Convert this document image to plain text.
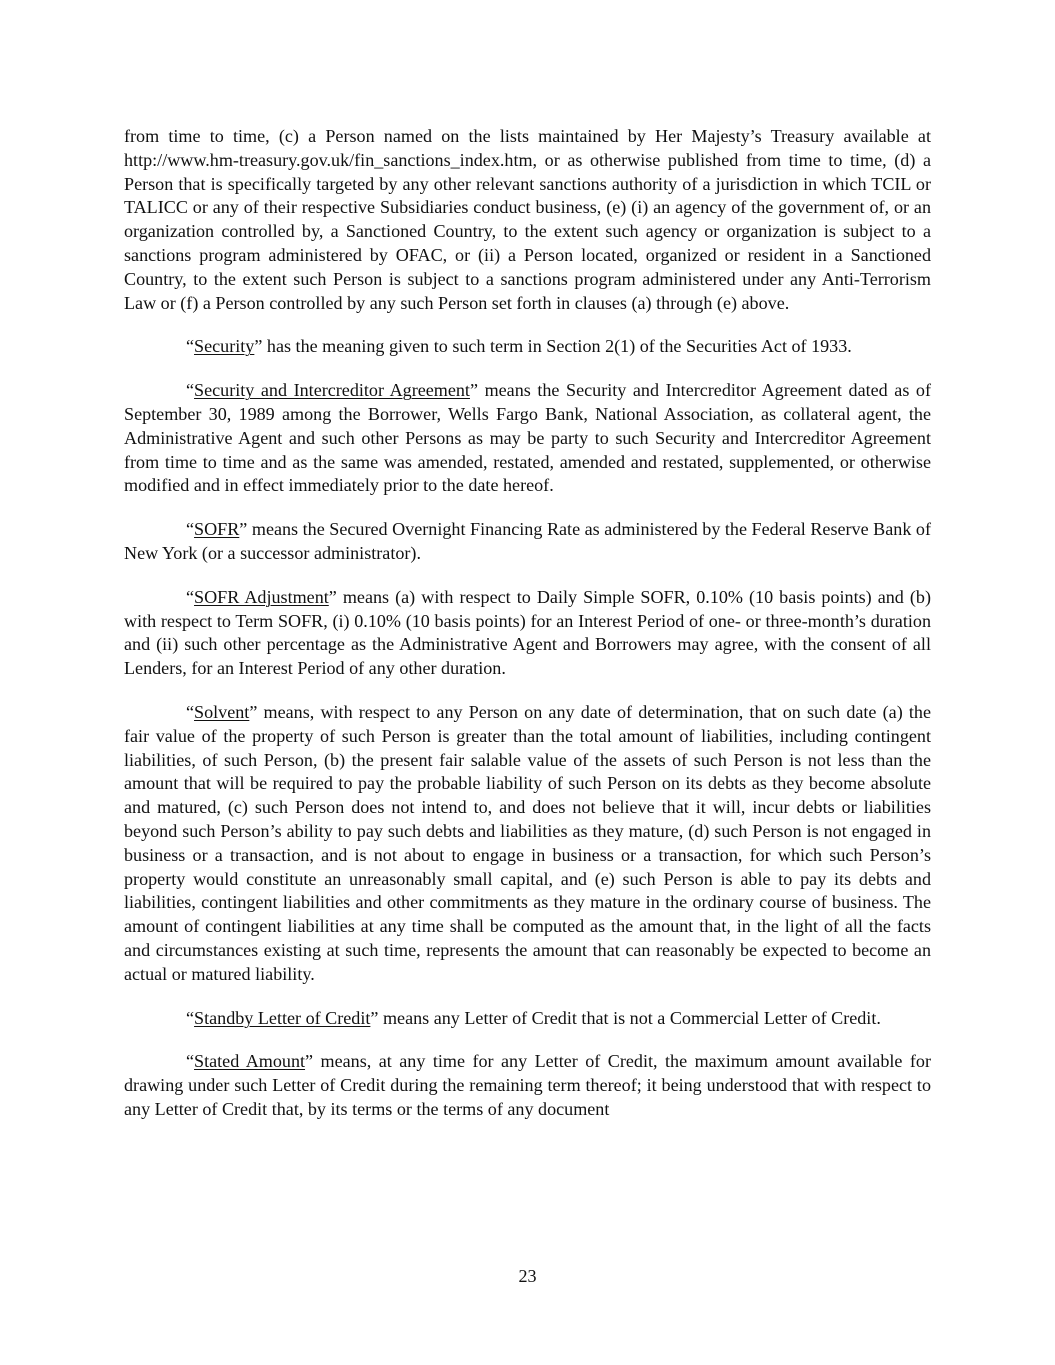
from time to time, (c) a Person named on the lists maintained by Her Majesty’s Treasury available at http://www.hm-treasury.gov.uk/fin_sanctions_index.htm, or as otherwise published from time to time, (d) a Person that is specifically targeted by any other relevant sanctions authority of a jurisdiction in which TCIL or TALICC or any of their respective Subsidiaries conduct business, (e) (i) an agency of the government of, or an organization controlled by, a Sanctioned Country, to the extent such agency or organization is subject to a sanctions program administered by OFAC, or (ii) a Person located, organized or resident in a Sanctioned Country, to the extent such Person is subject to a sanctions program administered under any Anti-Terrorism Law or (f) a Person controlled by any such Person set forth in clauses (a) through (e) above.

“Security” has the meaning given to such term in Section 2(1) of the Securities Act of 1933.

“Security and Intercreditor Agreement” means the Security and Intercreditor Agreement dated as of September 30, 1989 among the Borrower, Wells Fargo Bank, National Association, as collateral agent, the Administrative Agent and such other Persons as may be party to such Security and Intercreditor Agreement from time to time and as the same was amended, restated, amended and restated, supplemented, or otherwise modified and in effect immediately prior to the date hereof.

“SOFR” means the Secured Overnight Financing Rate as administered by the Federal Reserve Bank of New York (or a successor administrator).

“SOFR Adjustment” means (a) with respect to Daily Simple SOFR, 0.10% (10 basis points) and (b) with respect to Term SOFR, (i) 0.10% (10 basis points) for an Interest Period of one- or three-month’s duration and (ii) such other percentage as the Administrative Agent and Borrowers may agree, with the consent of all Lenders, for an Interest Period of any other duration.

“Solvent” means, with respect to any Person on any date of determination, that on such date (a) the fair value of the property of such Person is greater than the total amount of liabilities, including contingent liabilities, of such Person, (b) the present fair salable value of the assets of such Person is not less than the amount that will be required to pay the probable liability of such Person on its debts as they become absolute and matured, (c) such Person does not intend to, and does not believe that it will, incur debts or liabilities beyond such Person’s ability to pay such debts and liabilities as they mature, (d) such Person is not engaged in business or a transaction, and is not about to engage in business or a transaction, for which such Person’s property would constitute an unreasonably small capital, and (e) such Person is able to pay its debts and liabilities, contingent liabilities and other commitments as they mature in the ordinary course of business. The amount of contingent liabilities at any time shall be computed as the amount that, in the light of all the facts and circumstances existing at such time, represents the amount that can reasonably be expected to become an actual or matured liability.

“Standby Letter of Credit” means any Letter of Credit that is not a Commercial Letter of Credit.

“Stated Amount” means, at any time for any Letter of Credit, the maximum amount available for drawing under such Letter of Credit during the remaining term thereof; it being understood that with respect to any Letter of Credit that, by its terms or the terms of any document

23
